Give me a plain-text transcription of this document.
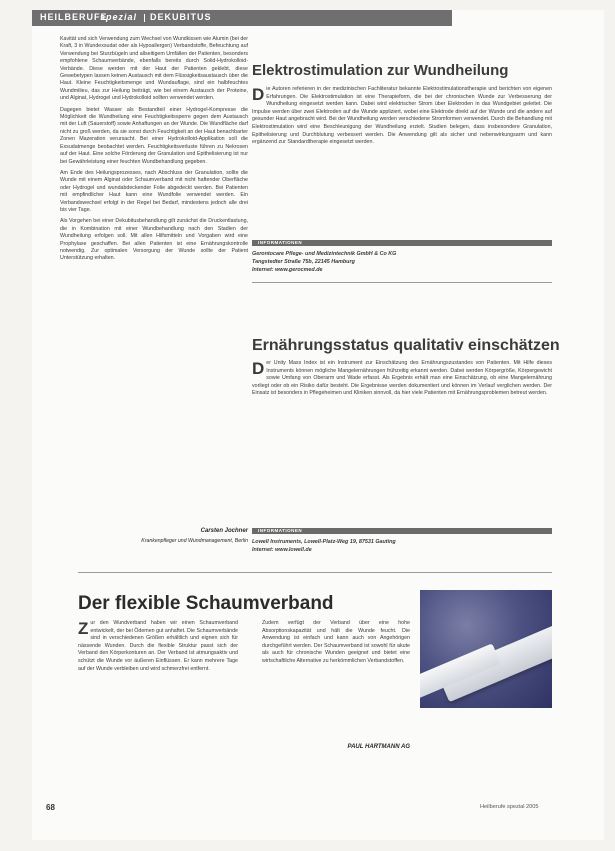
HEILBERUFE
spezial DEKUBITUS

Kavität und sich Verwendung zum Wechsel von Wundkissen wie Alumin (bei der Kraft, 3 in Wundexsudat oder als Hypoallergen) Verbandstoffe, Befeuchtung auf Verwendung bei Sturzbügeln und allseitigem Umfällen der Patienten, besonders empfohlene Schaumverbände, ebenfalls bereits durch Solid-Hydrokolloid-Verbände. Diese werden mit der Haut der Patienten geklebt, diese Gewebetypen lassen keinen Austausch mit dem Flüssigkeitsaustausch über die Haut. Kleine Feuchtigkeitsmenge und Wundauflage, sind ein halbfeuchtes Wundmilieu, das zur Heilung beiträgt, wie bei einem Austausch der Proteine, und Alginat, Hydrogel und Hydrokolloid sollten verwendet werden.

Dagegen bietet Wasser als Bestandteil einer Hydrogel-Kompresse die Möglichkeit die Wundheilung eine Feuchtigkeitssperre gegen dem Austausch mit der Luft (Sauerstoff) sowie Anhaftungen an der Wunde. Die Wundfläche darf nicht zu groß werden, da sie sonst durch Feuchtigkeit an der Haut benachbarter Zonen Mazeration verursacht. Bei einer Hydrokolloid-Applikation soll die Exsudatmenge beobachtet werden. Feuchtigkeitsverluste führen zu Nekrosen auf der Haut. Eine solche Förderung der Granulation und Epithelisierung ist nur bei Gewährleistung einer feuchten Wundbehandlung gegeben.

Am Ende des Heilungsprozesses, nach Abschluss der Granulation, sollte die Wunde mit einem Alginat oder Schaumverband mit nicht haftender Oberfläche oder Hydrogel und wundabdeckender Folie abgedeckt werden. Bei Patienten mit empfindlicher Haut kann eine Wundfolie verwendet werden. Ein Verbandswechsel erfolgt in der Regel bei Bedarf, mindestens jedoch alle drei bis vier Tage.

Als Vorgehen bei einer Dekubitusbehandlung gilt zunächst die Druckentlastung, die in Kombination mit einer Wundbehandlung nach den Stadien der Wundheilung erfolgen soll. Mit allen Hilfsmitteln und Vorgaben wird eine Prophylaxe geschaffen. Bei allen Patienten ist eine Ernährungskontrolle notwendig. Zur optimalen Versorgung der Wunde sollte der Patient Unterstützung erhalten.

Carsten Jochner
Krankenpfleger und Wundmanagement, Berlin
Elektrostimulation zur Wundheilung
D ie Autoren referieren in der medizinischen Fachliteratur bekannte Elektrostimulationstherapie und berichten von eigenen Erfahrungen. Die Elektrostimulation ist eine Therapieform, die bei der chronischen Wunde zur Verbesserung der Wundheilung eingesetzt werden kann. Dabei wird elektrischer Strom über Elektroden in das Wundgebiet geleitet. Die Impulse werden über zwei Elektroden auf die Wunde appliziert, wobei eine Elektrode direkt auf der Wunde und die andere auf gesunder Haut angebracht wird. Bei der Wundheilung werden verschiedene Stromformen verwendet. Durch die Behandlung mit Elektrostimulation wird eine Beschleunigung der Wundheilung erzielt. Studien belegen, dass insbesondere Granulation, Epithelisierung und Durchblutung verbessert werden. Die Anwendung gilt als sicher und nebenwirkungsarm und kann ergänzend zur Standardtherapie eingesetzt werden.
INFORMATIONEN
Gerontocare Pflege- und Medizintechnik GmbH & Co KG
Tangstedter Straße 75b, 22145 Hamburg
Internet: www.gerocmed.de
Ernährungsstatus qualitativ einschätzen
D er Unity Mass Index ist ein Instrument zur Einschätzung des Ernährungszustandes von Patienten. Mit Hilfe dieses Instruments können mögliche Mangelernährungen frühzeitig erkannt werden. Dabei werden Körpergröße, Körpergewicht sowie Umfang von Oberarm und Wade erfasst. Als Ergebnis erhält man eine Einschätzung, ob eine Mangelernährung vorliegt oder ob ein Risiko dafür besteht. Die Ergebnisse werden dokumentiert und können im Verlauf verglichen werden. Der Einsatz ist besonders in Pflegeheimen und Kliniken sinnvoll, da hier viele Patienten mit Ernährungsproblemen betreut werden.
INFORMATIONEN
Lowell Instruments, Lowell-Platz-Weg 19, 87531 Gauting
Internet: www.lowell.de
Der flexible Schaumverband
Z ur den Wundverband haben wir einen Schaumverband entwickelt, der bei Ödemen gut anhaftet. Die Schaumverbände sind in verschiedenen Größen erhältlich und eignen sich für nässende Wunden. Durch die flexible Struktur passt sich der Verband den Körperkonturen an. Der Verband ist atmungsaktiv und schützt die Wunde vor äußeren Einflüssen. Er kann mehrere Tage auf der Wunde verbleiben und wird schmerzfrei entfernt.
Zudem verfügt der Verband über eine hohe Absorptionskapazität und hält die Wunde feucht. Die Anwendung ist einfach und kann auch von Angehörigen durchgeführt werden. Der Schaumverband ist sowohl für akute als auch für chronische Wunden geeignet und bietet eine wirtschaftliche Alternative zu herkömmlichen Verbandstoffen.
PAUL HARTMANN AG
68	Heilberufe spezial 2005
